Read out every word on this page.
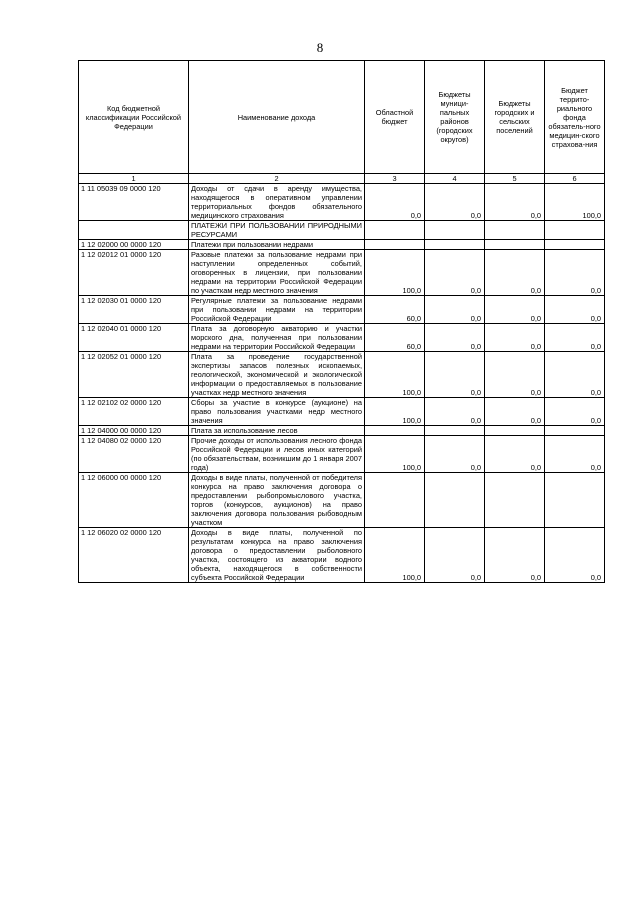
8
Код бюджетной классификации Российской Федерации	Наименование дохода	Областной бюджет	Бюджеты муници-пальных районов (городских округов)	Бюджеты городских и сельских поселений	Бюджет террито-риального фонда обязатель-ного медицин-ского страхова-ния
1	2	3	4	5	6
1 11 05039 09 0000 120	Доходы от сдачи в аренду имущества, находящегося в оперативном управлении территориальных фондов обязательного медицинского страхования	0,0	0,0	0,0	100,0
	ПЛАТЕЖИ ПРИ ПОЛЬЗОВАНИИ ПРИРОДНЫМИ РЕСУРСАМИ				
1 12 02000 00 0000 120	Платежи при пользовании недрами				
1 12 02012 01 0000 120	Разовые платежи за пользование недрами при наступлении определенных событий, оговоренных в лицензии, при пользовании недрами на территории Российской Федерации по участкам недр местного значения	100,0	0,0	0,0	0,0
1 12 02030 01 0000 120	Регулярные платежи за пользование недрами при пользовании недрами на территории Российской Федерации	60,0	0,0	0,0	0,0
1 12 02040 01 0000 120	Плата за договорную акваторию и участки морского дна, полученная при пользовании недрами на территории Российской Федерации	60,0	0,0	0,0	0,0
1 12 02052 01 0000 120	Плата за проведение государственной экспертизы запасов полезных ископаемых, геологической, экономической и экологической информации о предоставляемых в пользование участках недр местного значения	100,0	0,0	0,0	0,0
1 12 02102 02 0000 120	Сборы за участие в конкурсе (аукционе) на право пользования участками недр местного значения	100,0	0,0	0,0	0,0
1 12 04000 00 0000 120	Плата за использование лесов				
1 12 04080 02 0000 120	Прочие доходы от использования лесного фонда Российской Федерации и лесов иных категорий (по обязательствам, возникшим до 1 января 2007 года)	100,0	0,0	0,0	0,0
1 12 06000 00 0000 120	Доходы в виде платы, полученной от победителя конкурса на право заключения договора о предоставлении рыбопромыслового участка, торгов (конкурсов, аукционов) на право заключения договора пользования рыбоводным участком				
1 12 06020 02 0000 120	Доходы в виде платы, полученной по результатам конкурса на право заключения договора о предоставлении рыболовного участка, состоящего из акватории водного объекта, находящегося в собственности субъекта Российской Федерации	100,0	0,0	0,0	0,0
